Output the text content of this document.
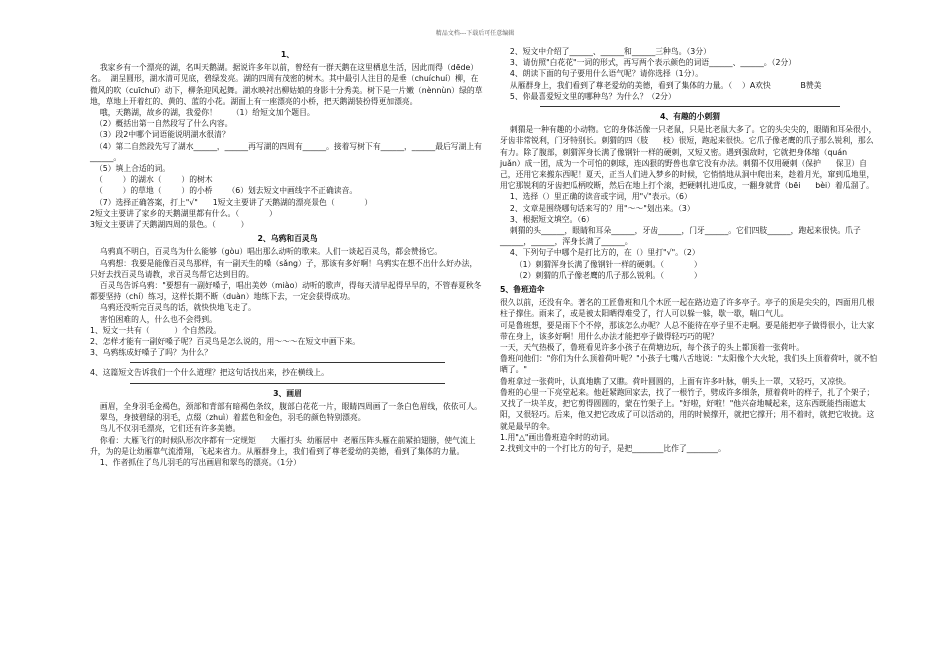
精品文档---下载后可任意编辑

1、

我家乡有一个漂亮的湖，名叫天鹅湖。据说许多年以前，曾经有一群天鹅在这里栖息生活，因此而得（dēde）名。  湖呈圆形，湖水清可见底，碧绿发亮。湖的四周有茂密的树木。其中最引人注目的是垂（chuíchuí）柳，在微风的吹（cuīchuī）动下，柳条迎风起舞。湖水映衬出柳姑娘的身影十分秀美。树下是一片嫩（nènnùn）绿的草地，草地上开着红的、黄的、蓝的小花。湖面上有一座漂亮的小桥，把天鹅湖装扮得更加漂亮。

哦，天鹅湖，故乡的湖，我爱你！      （1）给短文加个题目。

（2）概括出第一自然段写了什么内容。

（3）段2中哪个词语能说明湖水很清？

（4）第二自然段先写了湖水______，______再写湖的四周有______。接着写树下有______，______最后写湖上有______。

（5）填上合适的词。

（        ）的湖水（        ）的树木

（        ）的草地（        ）的小桥      （6）划去短文中画线字不正确读音。

（7）选择正确答案，打上"√"      1短文主要讲了天鹅湖的漂亮景色（            ）

2短文主要讲了家乡的天鹅湖里都有什么。（            ）

3短文主要讲了天鹅湖四周的景色。（          ）

2、乌鸦和百灵鸟

乌鸦真不明白，百灵鸟为什么能够（gòu）唱出那么动听的歌来。人们一谈起百灵鸟，都会赞扬它。

乌鸦想：我要是能像百灵鸟那样，有一副天生的嗓（sǎng）子，那该有多好啊！乌鸦实在想不出什么好办法，只好去找百灵鸟请教，求百灵鸟帮它达到目的。

百灵鸟告诉乌鸦："要想有一副好嗓子，唱出美妙（miào）动听的歌声，得每天清早起得早早的，不管春夏秋冬都要坚持（chí）练习，这样长期不断（duàn）地练下去，一定会获得成功。

乌鸦还没听完百灵鸟的话，就快快地飞走了。

害怕困难的人，什么也不会得到。

1、短文一共有（          ）个自然段。

2、怎样才能有一副好嗓子呢？百灵鸟是怎么说的，用～～～在短文中画下来。

3、乌鸦练成好嗓子了吗？为什么？

4、这篇短文告诉我们一个什么道理？把这句话找出来，抄在横线上。

3、画眉

画眉，全身羽毛金褐色，颈部和背部有暗褐色条纹，腹部白花花一片，眼睛四周画了一条白色眉线，依依可人。

翠鸟，身披碧绿的羽毛，点缀（zhuì）着蓝色和金色，羽毛的颜色特别漂亮。

鸟儿不仅羽毛漂亮，它们还有许多美德。

你看：大雁飞行的时候队形次序都有一定规矩      大雁打头  幼雁居中  老雁压阵头雁在前紧拍翅膀，使气流上升，为的是让幼雁靠气流滑翔，飞起来省力。从雁群身上，我们看到了尊老爱幼的美德，看到了集体的力量。

1、作者抓住了鸟儿羽毛的写出画眉和翠鸟的漂亮。（1分）

2、短文中介绍了______、______和______三种鸟。（3分）

3、请仿照"白花花"一词的形式，再写两个表示颜色的词语______、______。（2分）

4、朗读下面的句子要用什么语气呢？请你选择（1分）。

从雁群身上，我们看到了尊老爱幼的美德，看到了集体的力量。（    ）A欢快            B赞美

5、你最喜爱短文里的哪种鸟？为什么？（2分）

4、有趣的小刺猬

刺猬是一种有趣的小动物。它的身体活像一只老鼠，只是比老鼠大多了。它的头尖尖的，眼睛和耳朵很小，牙齿非常锐利，门牙特别长。刺猬的四（肢      枝）很短，跑起来很快。它爪子像老鹰的爪子那么锐利，那么有力。除了腹部，刺猬浑身长满了像钢针一样的硬刺，又短又密。遇到强敌时，它就把身体缩（quán      juǎn）成一团，成为一个可怕的刺球，连凶狠的野兽也拿它没有办法。刺猬不仅用硬刺（保护      保卫）自己，还用它来搬东西呢！夏天，正当人们进入梦乡的时候，它悄悄地从洞中爬出来，趁着月光，窜到瓜地里，用它那锐利的牙齿把瓜柄咬断，然后在地上打个滚，把硬刺扎进瓜皮，一翻身就背（bēi      bèi）着瓜溜了。

1、选择（）里正确的读音或字词，用"√"表示。（6）

2、文章是围绕哪句话来写的？用"～～"划出来。（3）

3、根据短文填空。（6）

刺猬的头______，眼睛和耳朵______，牙齿______，门牙______。它们四肢______，跑起来很快。爪子______，______，浑身长满了______。

4、下列句子中哪个是打比方的，在（）里打"√"。（2）

（1）刺猬浑身长满了像钢针一样的硬刺。（            ）

（2）刺猬的爪子像老鹰的爪子那么锐利。（            ）

5、鲁班造伞

很久以前，还没有伞。著名的工匠鲁班和几个木匠一起在路边造了许多亭子。亭子的顶是尖尖的，四面用几根柱子撑住。雨来了，或是被太阳晒得难受了，行人可以躲一躲，歇一歇，喘口气儿。

可是鲁班想，要是雨下个不停，那该怎么办呢？人总不能待在亭子里不走啊。要是能把亭子做得很小，让大家带在身上，该多好啊！用什么办法才能把亭子做得轻巧巧的呢？

一天，天气热极了，鲁班看见许多小孩子在荷塘边玩，每个孩子的头上都顶着一张荷叶。

鲁班问他们："你们为什么顶着荷叶呢？"小孩子七嘴八舌地说："太阳像个大火轮，我们头上顶着荷叶，就不怕晒了。"

鲁班拿过一张荷叶，认真地瞧了又瞧。荷叶圆圆的，上面有许多叶脉，朝头上一罩，又轻巧，又凉快。

鲁班的心里一下亮堂起来。他赶紧跑回家去，找了一根竹子，劈成许多细条，照着荷叶的样子，扎了个架子；又找了一块羊皮，把它剪得圆圆的，蒙在竹架子上。"好啦，好啦！"他兴奋地喊起来，这东西既能挡雨遮太阳，又很轻巧。后来，他又把它改成了可以活动的，用的时候撑开，就把它撑开；用不着时，就把它收拢。这就是最早的伞。

1.用"△"画出鲁班造伞时的动词。

2.找到文中的一个打比方的句子，是把________比作了________。
